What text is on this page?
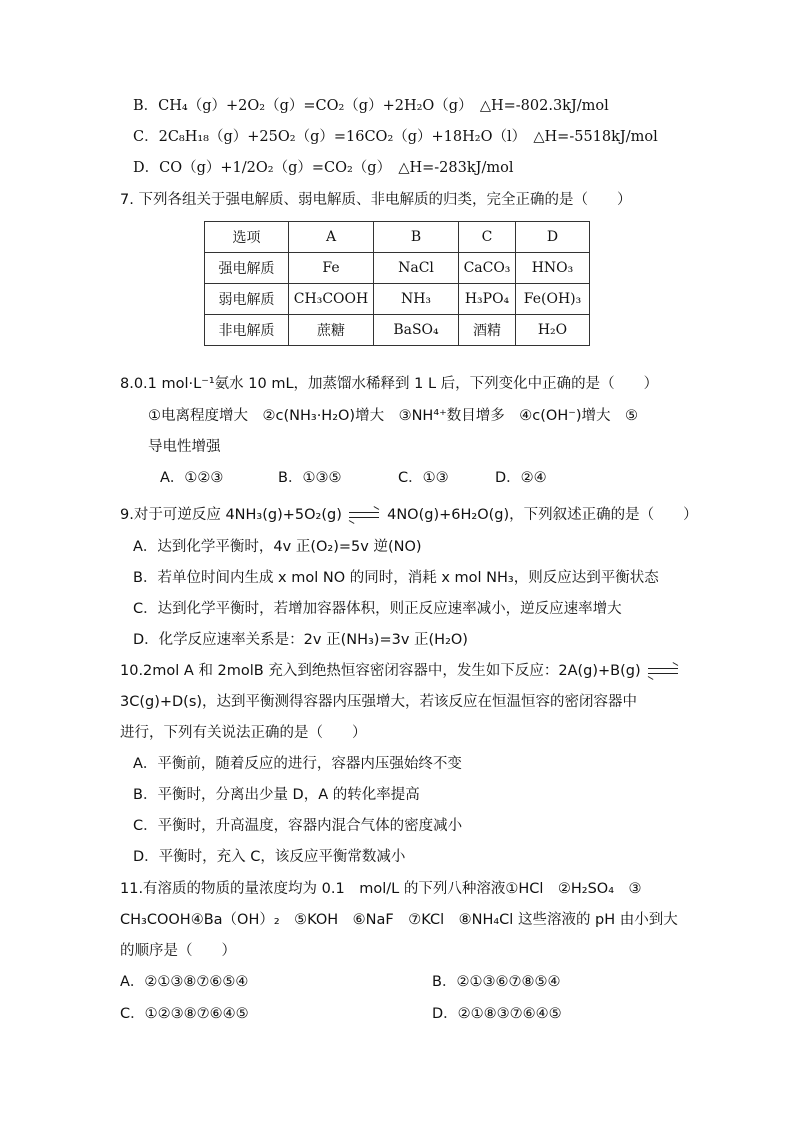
B．CH₄（g）+2O₂（g）=CO₂（g）+2H₂O（g）　△H=-802.3kJ/mol
C．2C₈H₁₈（g）+25O₂（g）=16CO₂（g）+18H₂O（l）　△H=-5518kJ/mol
D．CO（g）+1/2O₂（g）=CO₂（g）　△H=-283kJ/mol
7. 下列各组关于强电解质、弱电解质、非电解质的归类，完全正确的是（　　）
选项	A	B	C	D
强电解质	Fe	NaCl	CaCO₃	HNO₃
弱电解质	CH₃COOH	NH₃	H₃PO₄	Fe(OH)₃
非电解质	蔗糖	BaSO₄	酒精	H₂O
8.0.1 mol·L⁻¹氨水 10 mL，加蒸馏水稀释到 1 L 后，下列变化中正确的是（　　）
①电离程度增大　②c(NH₃·H₂O)增大　③NH⁴⁺数目增多　④c(OH⁻)增大　⑤
导电性增强
A．①②③	B．①③⑤	C．①③	D．②④
9.对于可逆反应 4NH₃(g)+5O₂(g)	4NO(g)+6H₂O(g)，下列叙述正确的是（　　）
A．达到化学平衡时，4v 正(O₂)=5v 逆(NO)
B．若单位时间内生成 x mol NO 的同时，消耗 x mol NH₃，则反应达到平衡状态
C．达到化学平衡时，若增加容器体积，则正反应速率减小，逆反应速率增大
D．化学反应速率关系是：2v 正(NH₃)=3v 正(H₂O)
10.2mol A 和 2molB 充入到绝热恒容密闭容器中，发生如下反应：2A(g)+B(g)
3C(g)+D(s)，达到平衡测得容器内压强增大，若该反应在恒温恒容的密闭容器中
进行，下列有关说法正确的是（　　）
A．平衡前，随着反应的进行，容器内压强始终不变
B．平衡时，分离出少量 D，A 的转化率提高
C．平衡时，升高温度，容器内混合气体的密度减小
D．平衡时，充入 C，该反应平衡常数减小
11.有溶质的物质的量浓度均为 0.1　mol/L 的下列八种溶液①HCl　②H₂SO₄　③
CH₃COOH④Ba（OH）₂　⑤KOH　⑥NaF　⑦KCl　⑧NH₄Cl 这些溶液的 pH 由小到大
的顺序是（　　）
A．②①③⑧⑦⑥⑤④	B．②①③⑥⑦⑧⑤④
C．①②③⑧⑦⑥④⑤	D．②①⑧③⑦⑥④⑤
